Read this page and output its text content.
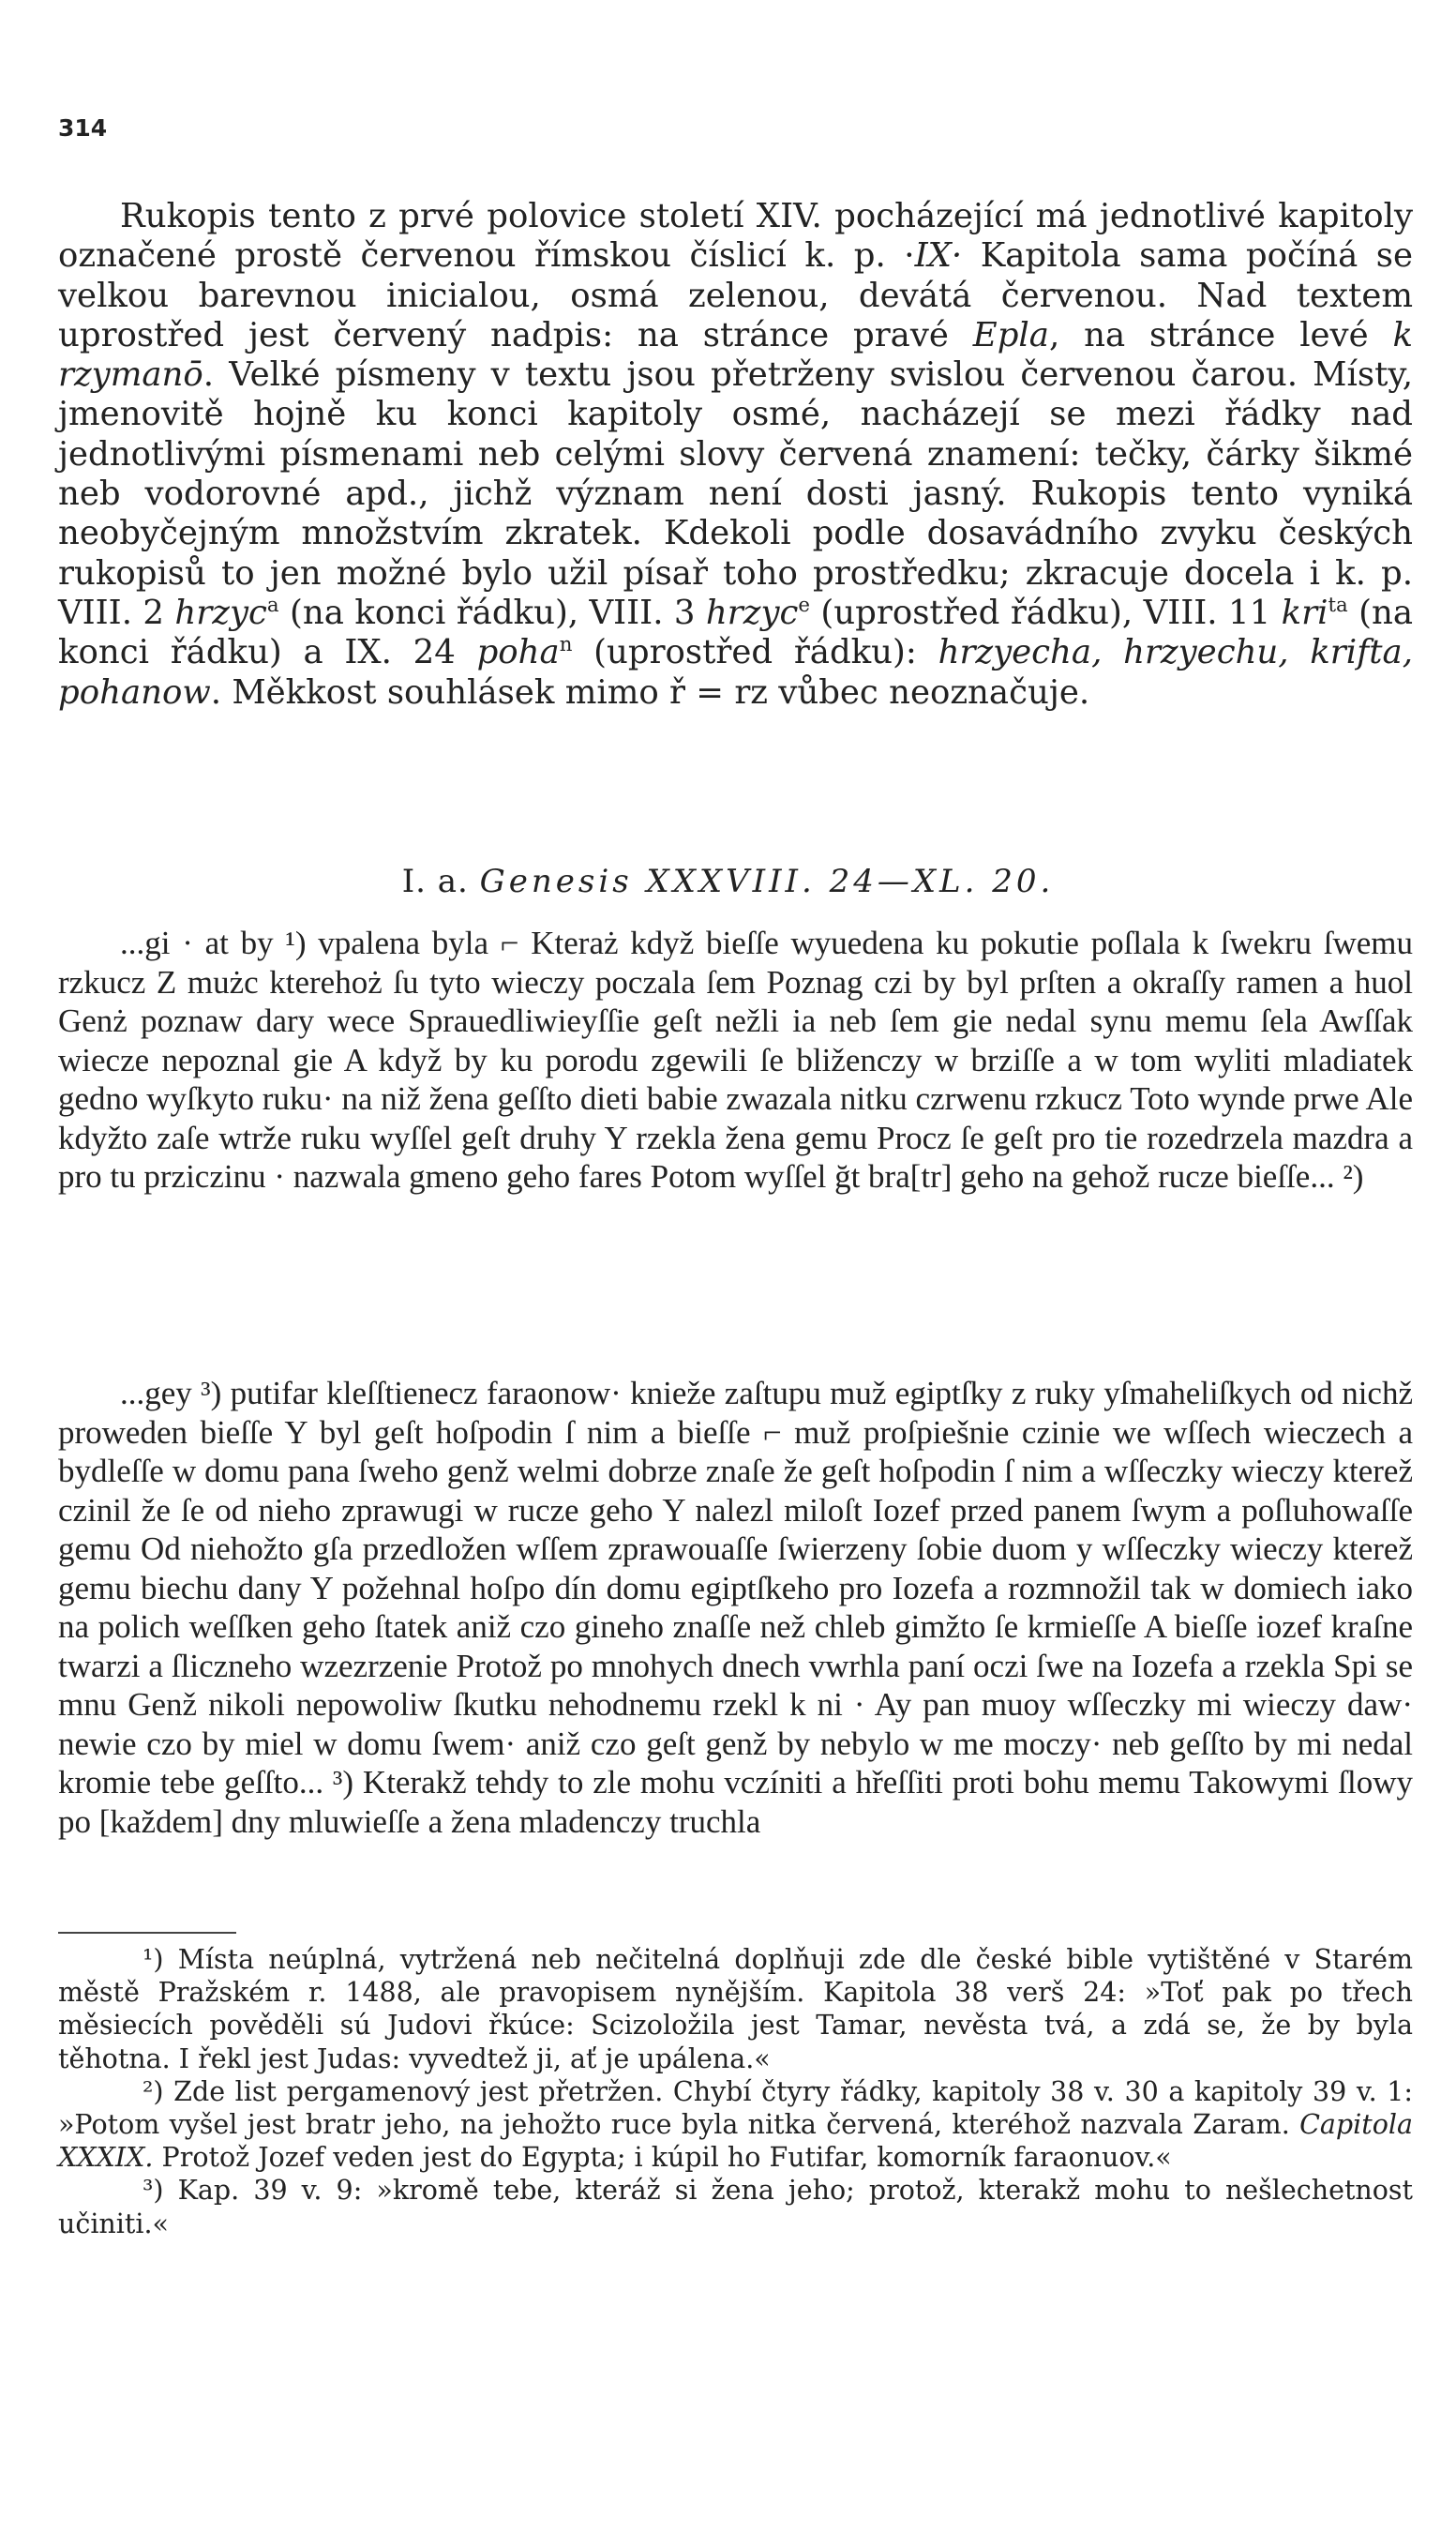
314

Rukopis tento z prvé polovice století XIV. pocházející má jednotlivé kapitoly označené prostě červenou římskou číslicí k. p. ·IX· Kapitola sama počíná se velkou barevnou inicialou, osmá zelenou, devátá červenou. Nad textem uprostřed jest červený nadpis: na stránce pravé Epla, na stránce levé k rzymanō. Velké písmeny v textu jsou přetrženy svislou červenou čarou. Místy, jmenovitě hojně ku konci kapitoly osmé, nacházejí se mezi řádky nad jednotlivými písmenami neb celými slovy červená znamení: tečky, čárky šikmé neb vodorovné apd., jichž význam není dosti jasný. Rukopis tento vyniká neobyčejným množstvím zkratek. Kdekoli podle dosavádního zvyku českých rukopisů to jen možné bylo užil písař toho prostředku; zkracuje docela i k. p. VIII. 2 hrzyc$^a$ (na konci řádku), VIII. 3 hrzyc$^e$ (uprostřed řádku), VIII. 11 kri$^{ta}$ (na konci řádku) a IX. 24 poha$^n$ (uprostřed řádku): hrzyecha, hrzyechu, krifta, pohanow. Měkkost souhlásek mimo ř = rz vůbec neoznačuje.

I. a. Genesis XXXVIII. 24—XL. 20.

...gi · at by ¹) vpalena byla ⌐ Kteraż když bieſſe wyuedena ku pokutie poſlala k ſwekru ſwemu rzkucz Z mużc kterehoż ſu tyto wieczy poczala ſem Poznag czi by byl prſten a okraſſy ramen a huol Genż poznaw dary wece Sprauedliwieyſſie geſt nežli ia neb ſem gie nedal synu memu ſela Awſſak wiecze nepoznal gie A když by ku porodu zgewili ſe bliženczy w brziſſe a w tom wyliti mladiatek gedno wyſkyto ruku· na niž žena geſſto dieti babie zwazala nitku czrwenu rzkucz Toto wynde prwe Ale kdyžto zaſe wtrže ruku wyſſel geſt druhy Y rzekla žena gemu Procz ſe geſt pro tie rozedrzela mazdra a pro tu prziczinu · nazwala gmeno geho fares Potom wyſſel ğt bra[tr] geho na gehož rucze bieſſe... ²)

...gey ³) putifar kleſſtienecz faraonow· knieže zaſtupu muž egiptſky z ruky yſmaheliſkych od nichž proweden bieſſe Y byl geſt hoſpodin ſ nim a bieſſe ⌐ muž proſpiešnie czinie we wſſech wieczech a bydleſſe w domu pana ſweho genž welmi dobrze znaſe že geſt hoſpodin ſ nim a wſſeczky wieczy kterež czinil že ſe od nieho zprawugi w rucze geho Y nalezl miloſt Iozef przed panem ſwym a poſluhowaſſe gemu Od niehožto gſa przedložen wſſem zprawouaſſe ſwierzeny ſobie duom y wſſeczky wieczy kterež gemu biechu dany Y požehnal hoſpo dín domu egiptſkeho pro Iozefa a rozmnožil tak w domiech iako na polich weſſken geho ſtatek aniž czo gineho znaſſe než chleb gimžto ſe krmieſſe A bieſſe iozef kraſne twarzi a ſliczneho wzezrzenie Protož po mnohych dnech vwrhla paní oczi ſwe na Iozefa a rzekla Spi se mnu Genž nikoli nepowoliw ſkutku nehodnemu rzekl k ni · Ay pan muoy wſſeczky mi wieczy daw· newie czo by miel w domu ſwem· aniž czo geſt genž by nebylo w me moczy· neb geſſto by mi nedal kromie tebe geſſto... ³) Kterakž tehdy to zle mohu vczíniti a hřeſſiti proti bohu memu Takowymi ſlowy po [každem] dny mluwieſſe a žena mladenczy truchla

¹) Místa neúplná, vytržená neb nečitelná doplňuji zde dle české bible vytištěné v Starém městě Pražském r. 1488, ale pravopisem nynějším. Kapitola 38 verš 24: »Toť pak po třech měsiecích pověděli sú Judovi řkúce: Scizoložila jest Tamar, nevěsta tvá, a zdá se, že by byla těhotna. I řekl jest Judas: vyvedtež ji, ať je upálena.«

²) Zde list pergamenový jest přetržen. Chybí čtyry řádky, kapitoly 38 v. 30 a kapitoly 39 v. 1: »Potom vyšel jest bratr jeho, na jehožto ruce byla nitka červená, kteréhož nazvala Zaram. Capitola XXXIX. Protož Jozef veden jest do Egypta; i kúpil ho Futifar, komorník faraonuov.«

³) Kap. 39 v. 9: »kromě tebe, kteráž si žena jeho; protož, kterakž mohu to nešlechetnost učiniti.«
